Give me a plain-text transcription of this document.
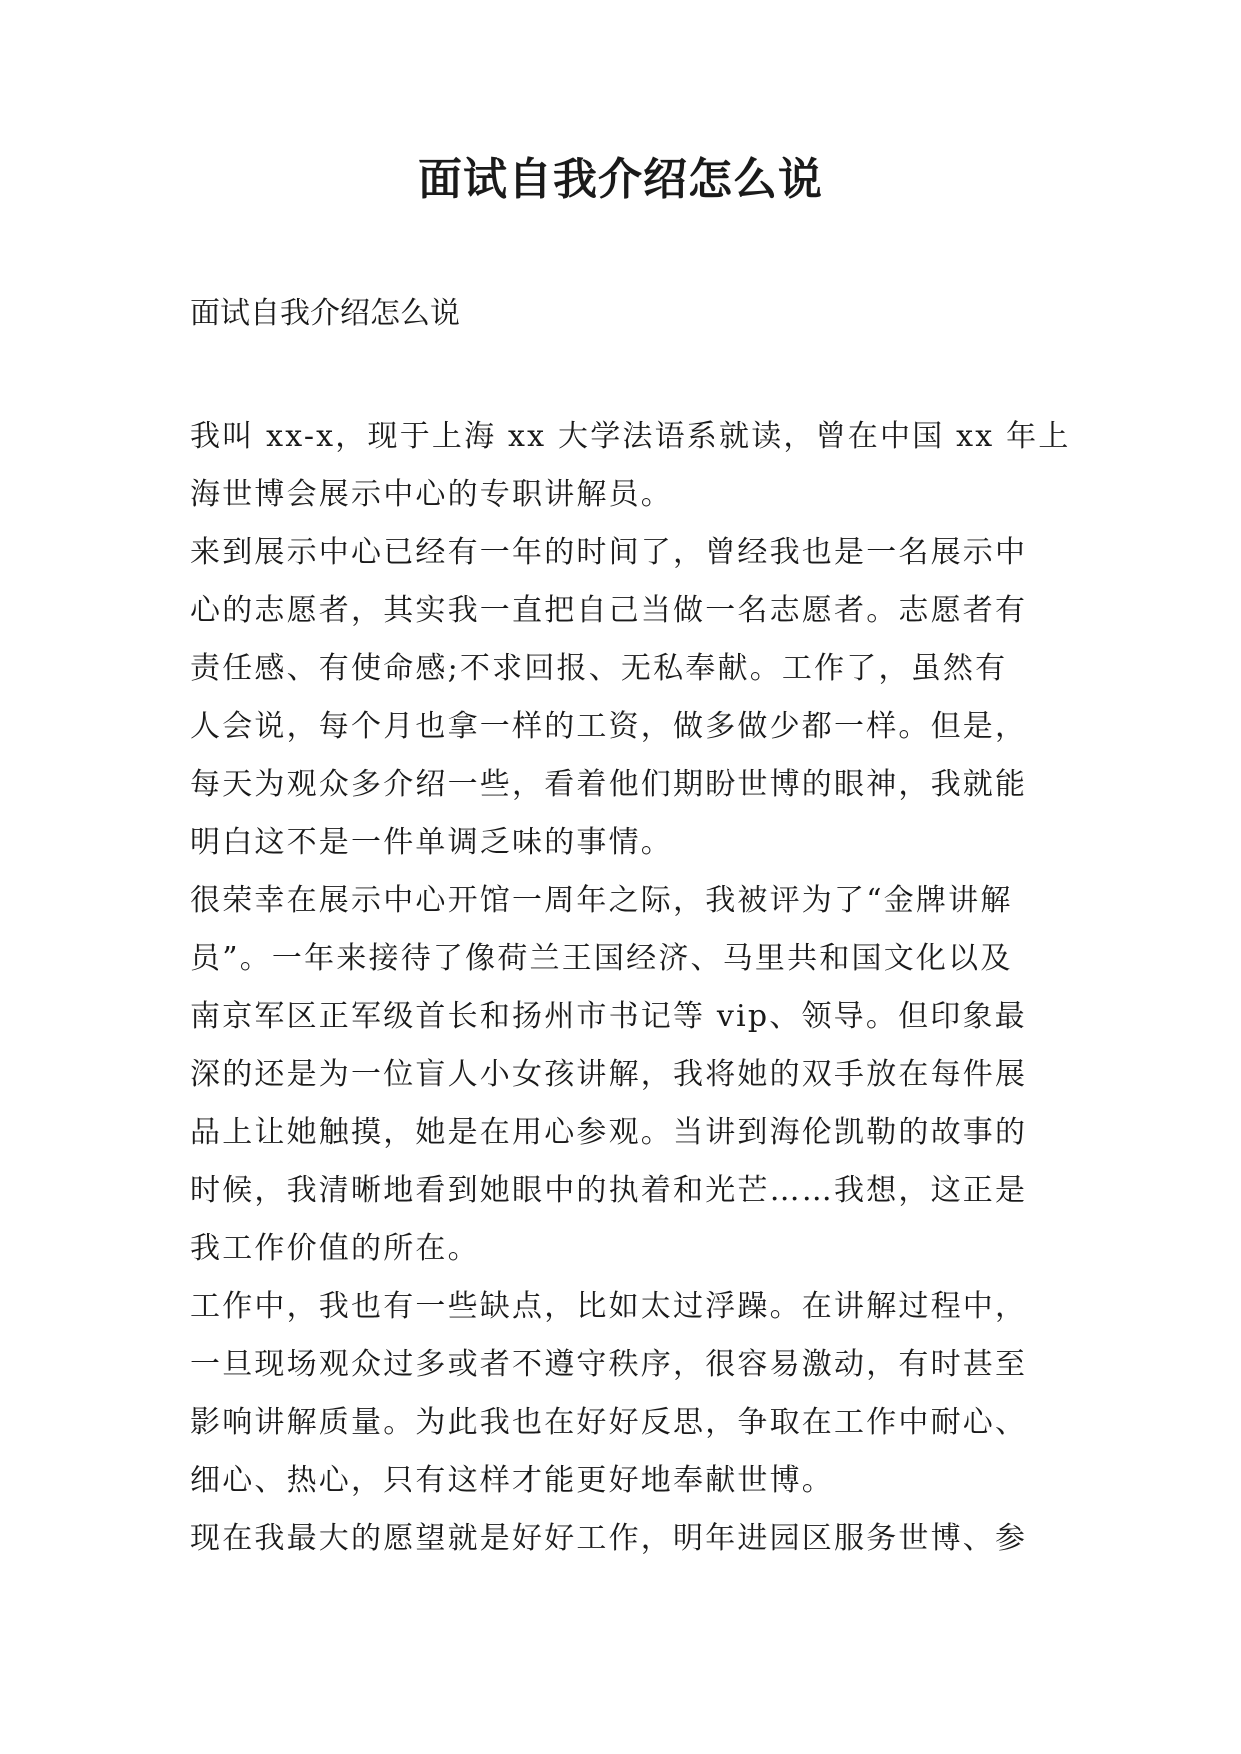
面试自我介绍怎么说

面试自我介绍怎么说

我叫 xx-x，现于上海 xx 大学法语系就读，曾在中国 xx 年上
海世博会展示中心的专职讲解员。
来到展示中心已经有一年的时间了，曾经我也是一名展示中
心的志愿者，其实我一直把自己当做一名志愿者。志愿者有
责任感、有使命感;不求回报、无私奉献。工作了，虽然有
人会说，每个月也拿一样的工资，做多做少都一样。但是，
每天为观众多介绍一些，看着他们期盼世博的眼神，我就能
明白这不是一件单调乏味的事情。
很荣幸在展示中心开馆一周年之际，我被评为了“金牌讲解
员”。一年来接待了像荷兰王国经济、马里共和国文化以及
南京军区正军级首长和扬州市书记等 vip、领导。但印象最
深的还是为一位盲人小女孩讲解，我将她的双手放在每件展
品上让她触摸，她是在用心参观。当讲到海伦凯勒的故事的
时候，我清晰地看到她眼中的执着和光芒……我想，这正是
我工作价值的所在。
工作中，我也有一些缺点，比如太过浮躁。在讲解过程中，
一旦现场观众过多或者不遵守秩序，很容易激动，有时甚至
影响讲解质量。为此我也在好好反思，争取在工作中耐心、
细心、热心，只有这样才能更好地奉献世博。
现在我最大的愿望就是好好工作，明年进园区服务世博、参
